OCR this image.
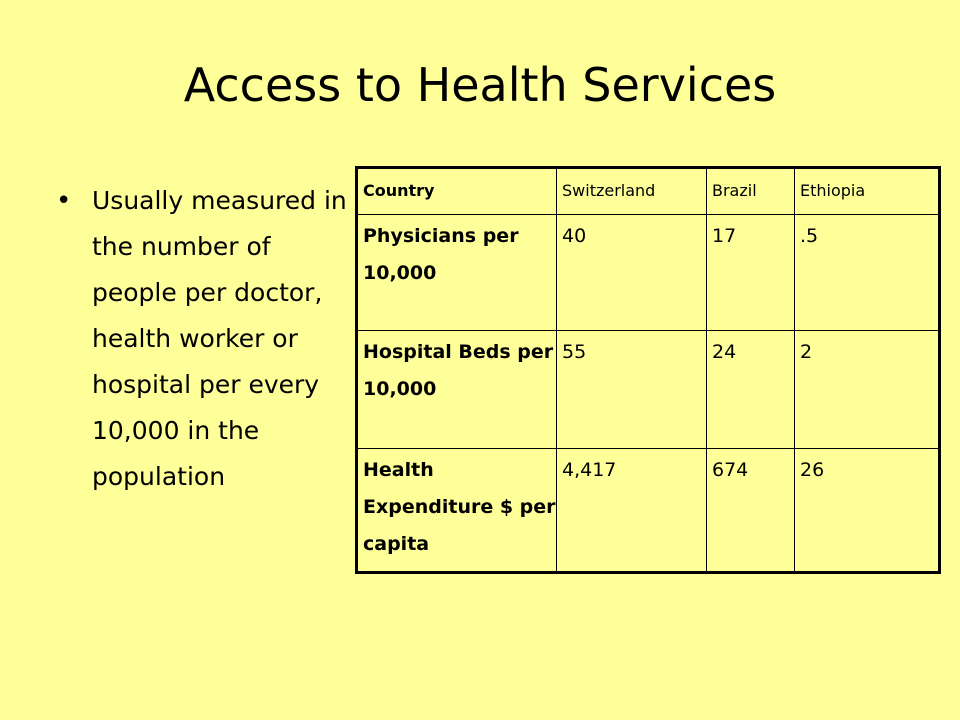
Access to Health Services
• Usually measured in the number of people per doctor, health worker or hospital per every 10,000 in the population

Country	Switzerland	Brazil	Ethiopia
Physicians per 10,000	40	17	.5
Hospital Beds per 10,000	55	24	2
Health Expenditure $ per capita	4,417	674	26
